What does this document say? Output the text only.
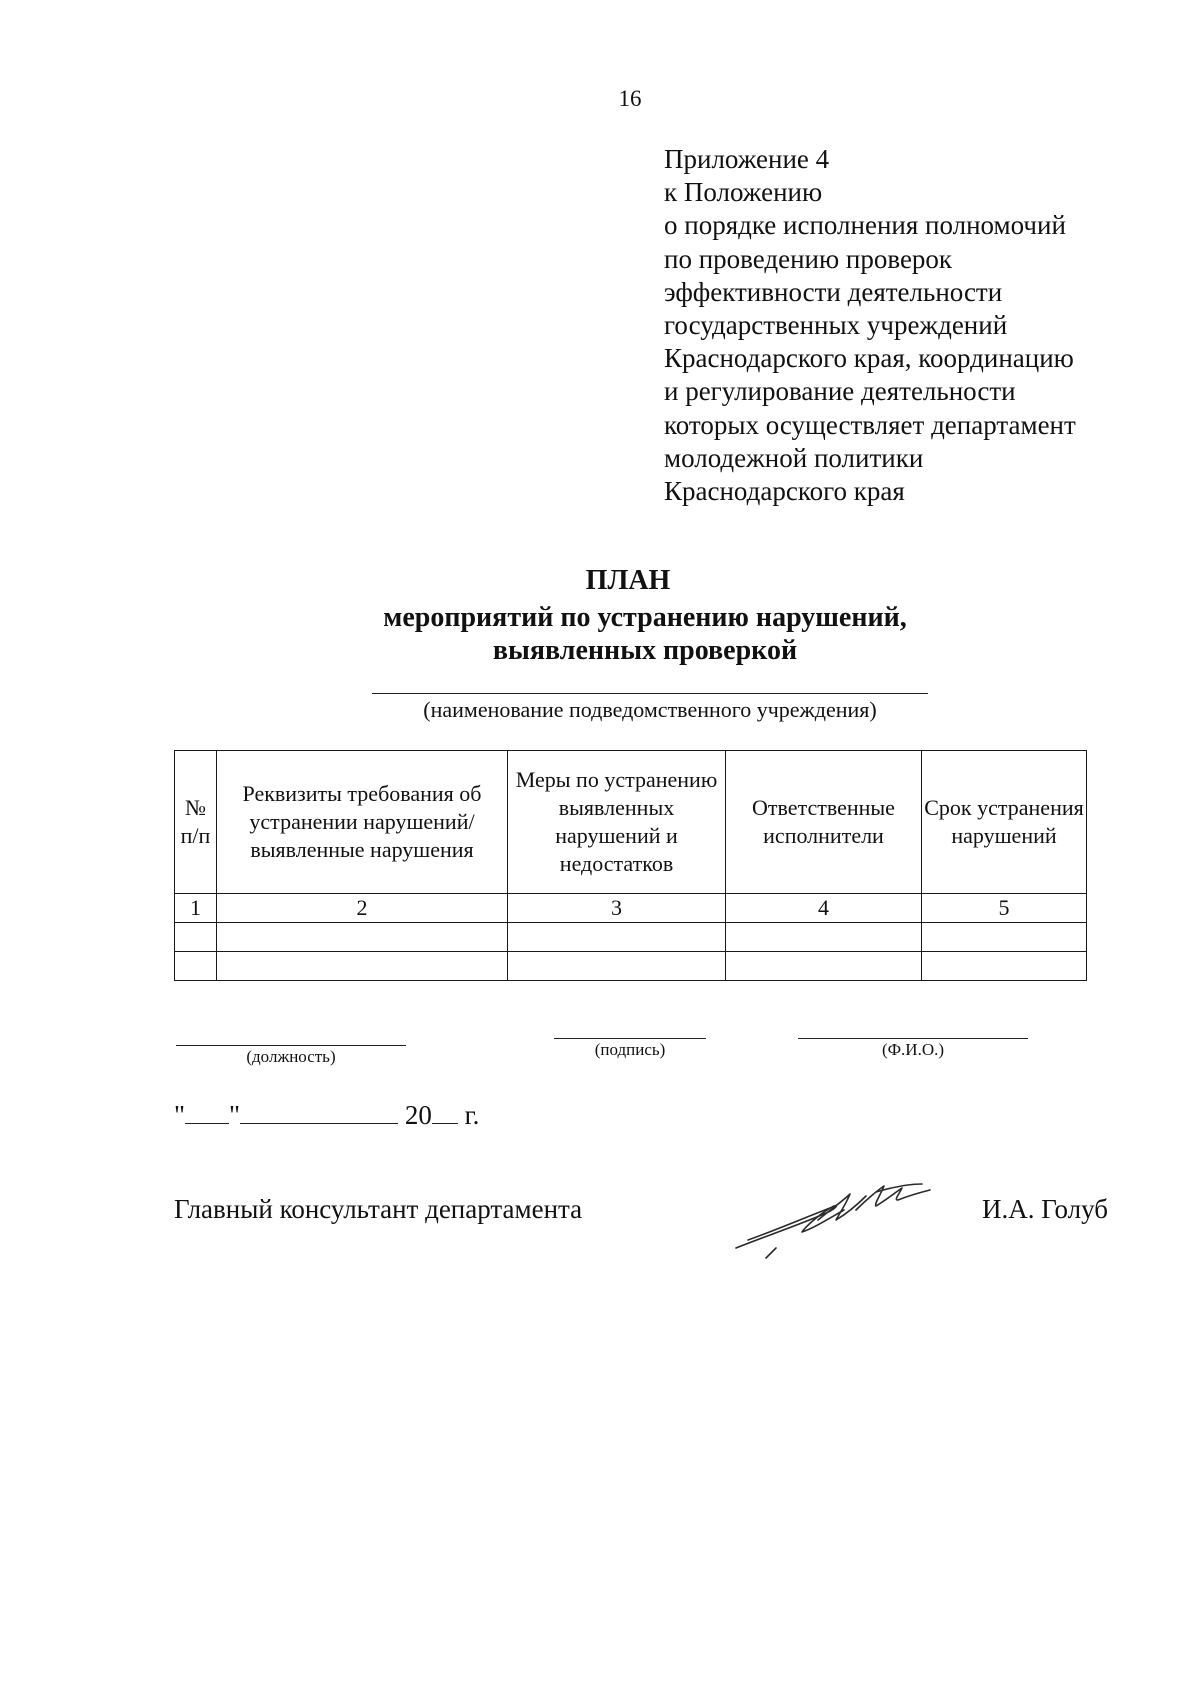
16
Приложение 4
к Положению
о порядке исполнения полномочий
по проведению проверок
эффективности деятельности
государственных учреждений
Краснодарского края, координацию
и регулирование деятельности
которых осуществляет департамент
молодежной политики
Краснодарского края
ПЛАН
мероприятий по устранению нарушений,
выявленных проверкой
(наименование подведомственного учреждения)
№ п/п	Реквизиты требования об устранении нарушений/ выявленные нарушения	Меры по устранению выявленных нарушений и недостатков	Ответственные исполнители	Срок устранения нарушений
1	2	3	4	5

(должность)	(подпись)	(Ф.И.О.)
" "	20 г.
Главный консультант департамента	И.А. Голуб
